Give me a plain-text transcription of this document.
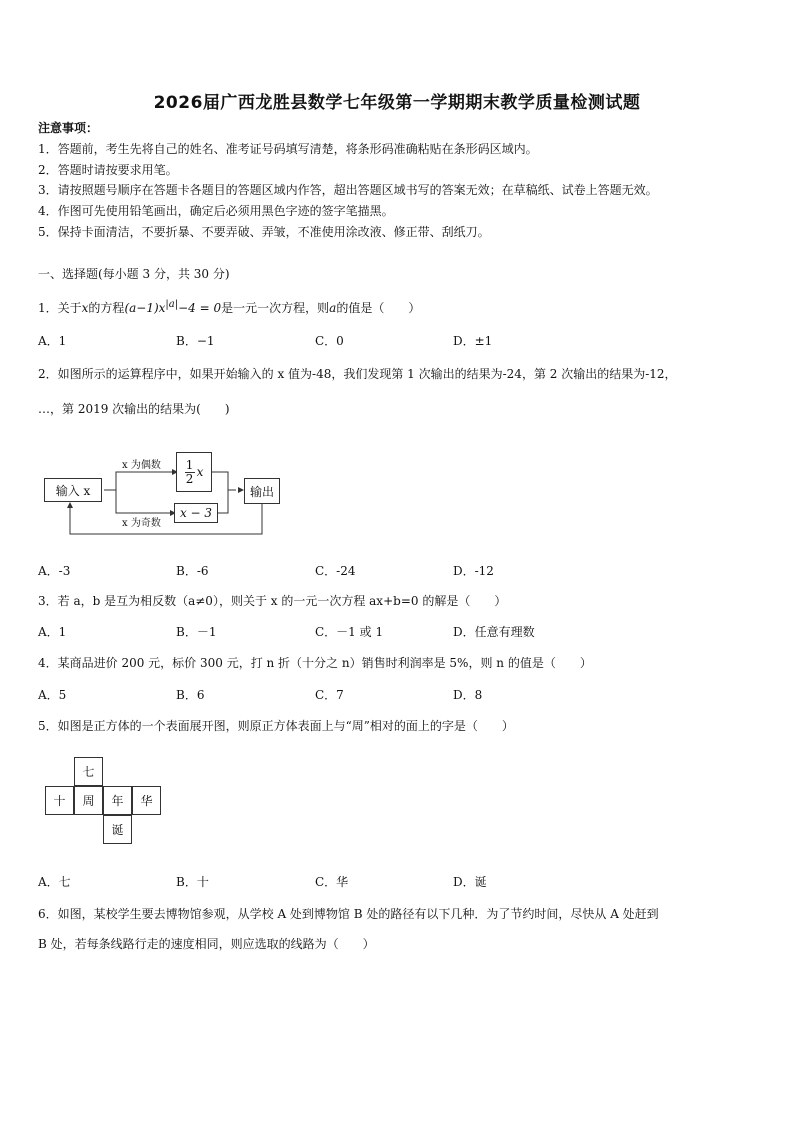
2026届广西龙胜县数学七年级第一学期期末教学质量检测试题
注意事项：
1．答题前，考生先将自己的姓名、准考证号码填写清楚，将条形码准确粘贴在条形码区域内。
2．答题时请按要求用笔。
3．请按照题号顺序在答题卡各题目的答题区域内作答，超出答题区域书写的答案无效；在草稿纸、试卷上答题无效。
4．作图可先使用铅笔画出，确定后必须用黑色字迹的签字笔描黑。
5．保持卡面清洁，不要折暴、不要弄破、弄皱，不准使用涂改液、修正带、刮纸刀。
一、选择题(每小题 3 分，共 30 分)
1．关于x的方程$(a-1)x^{|a|}-4 = 0$是一元一次方程，则a的值是（　　）
A．1	B．−1	C．0	D．±1
2．如图所示的运算程序中，如果开始输入的 x 值为-48，我们发现第 1 次输出的结果为-24，第 2 次输出的结果为-12，
…，第 2019 次输出的结果为(　　)
输入 x
x 为偶数 1
2 x
x 为奇数
x − 3
输出
A．-3	B．-6	C．-24	D．-12
3．若 a，b 是互为相反数（a≠0），则关于 x 的一元一次方程 ax+b=0 的解是（　　）
A．1	B．－1	C．－1 或 1	D．任意有理数
4．某商品进价 200 元，标价 300 元，打 n 折（十分之 n）销售时利润率是 5%，则 n 的值是（　　）
A．5	B．6	C．7	D．8
5．如图是正方体的一个表面展开图，则原正方体表面上与“周”相对的面上的字是（　　）
七
十	周	年	华
诞
A．七	B．十	C．华	D．诞
6．如图，某校学生要去博物馆参观，从学校 A 处到博物馆 B 处的路径有以下几种．为了节约时间，尽快从 A 处赶到
B 处，若每条线路行走的速度相同，则应选取的线路为（　　）
